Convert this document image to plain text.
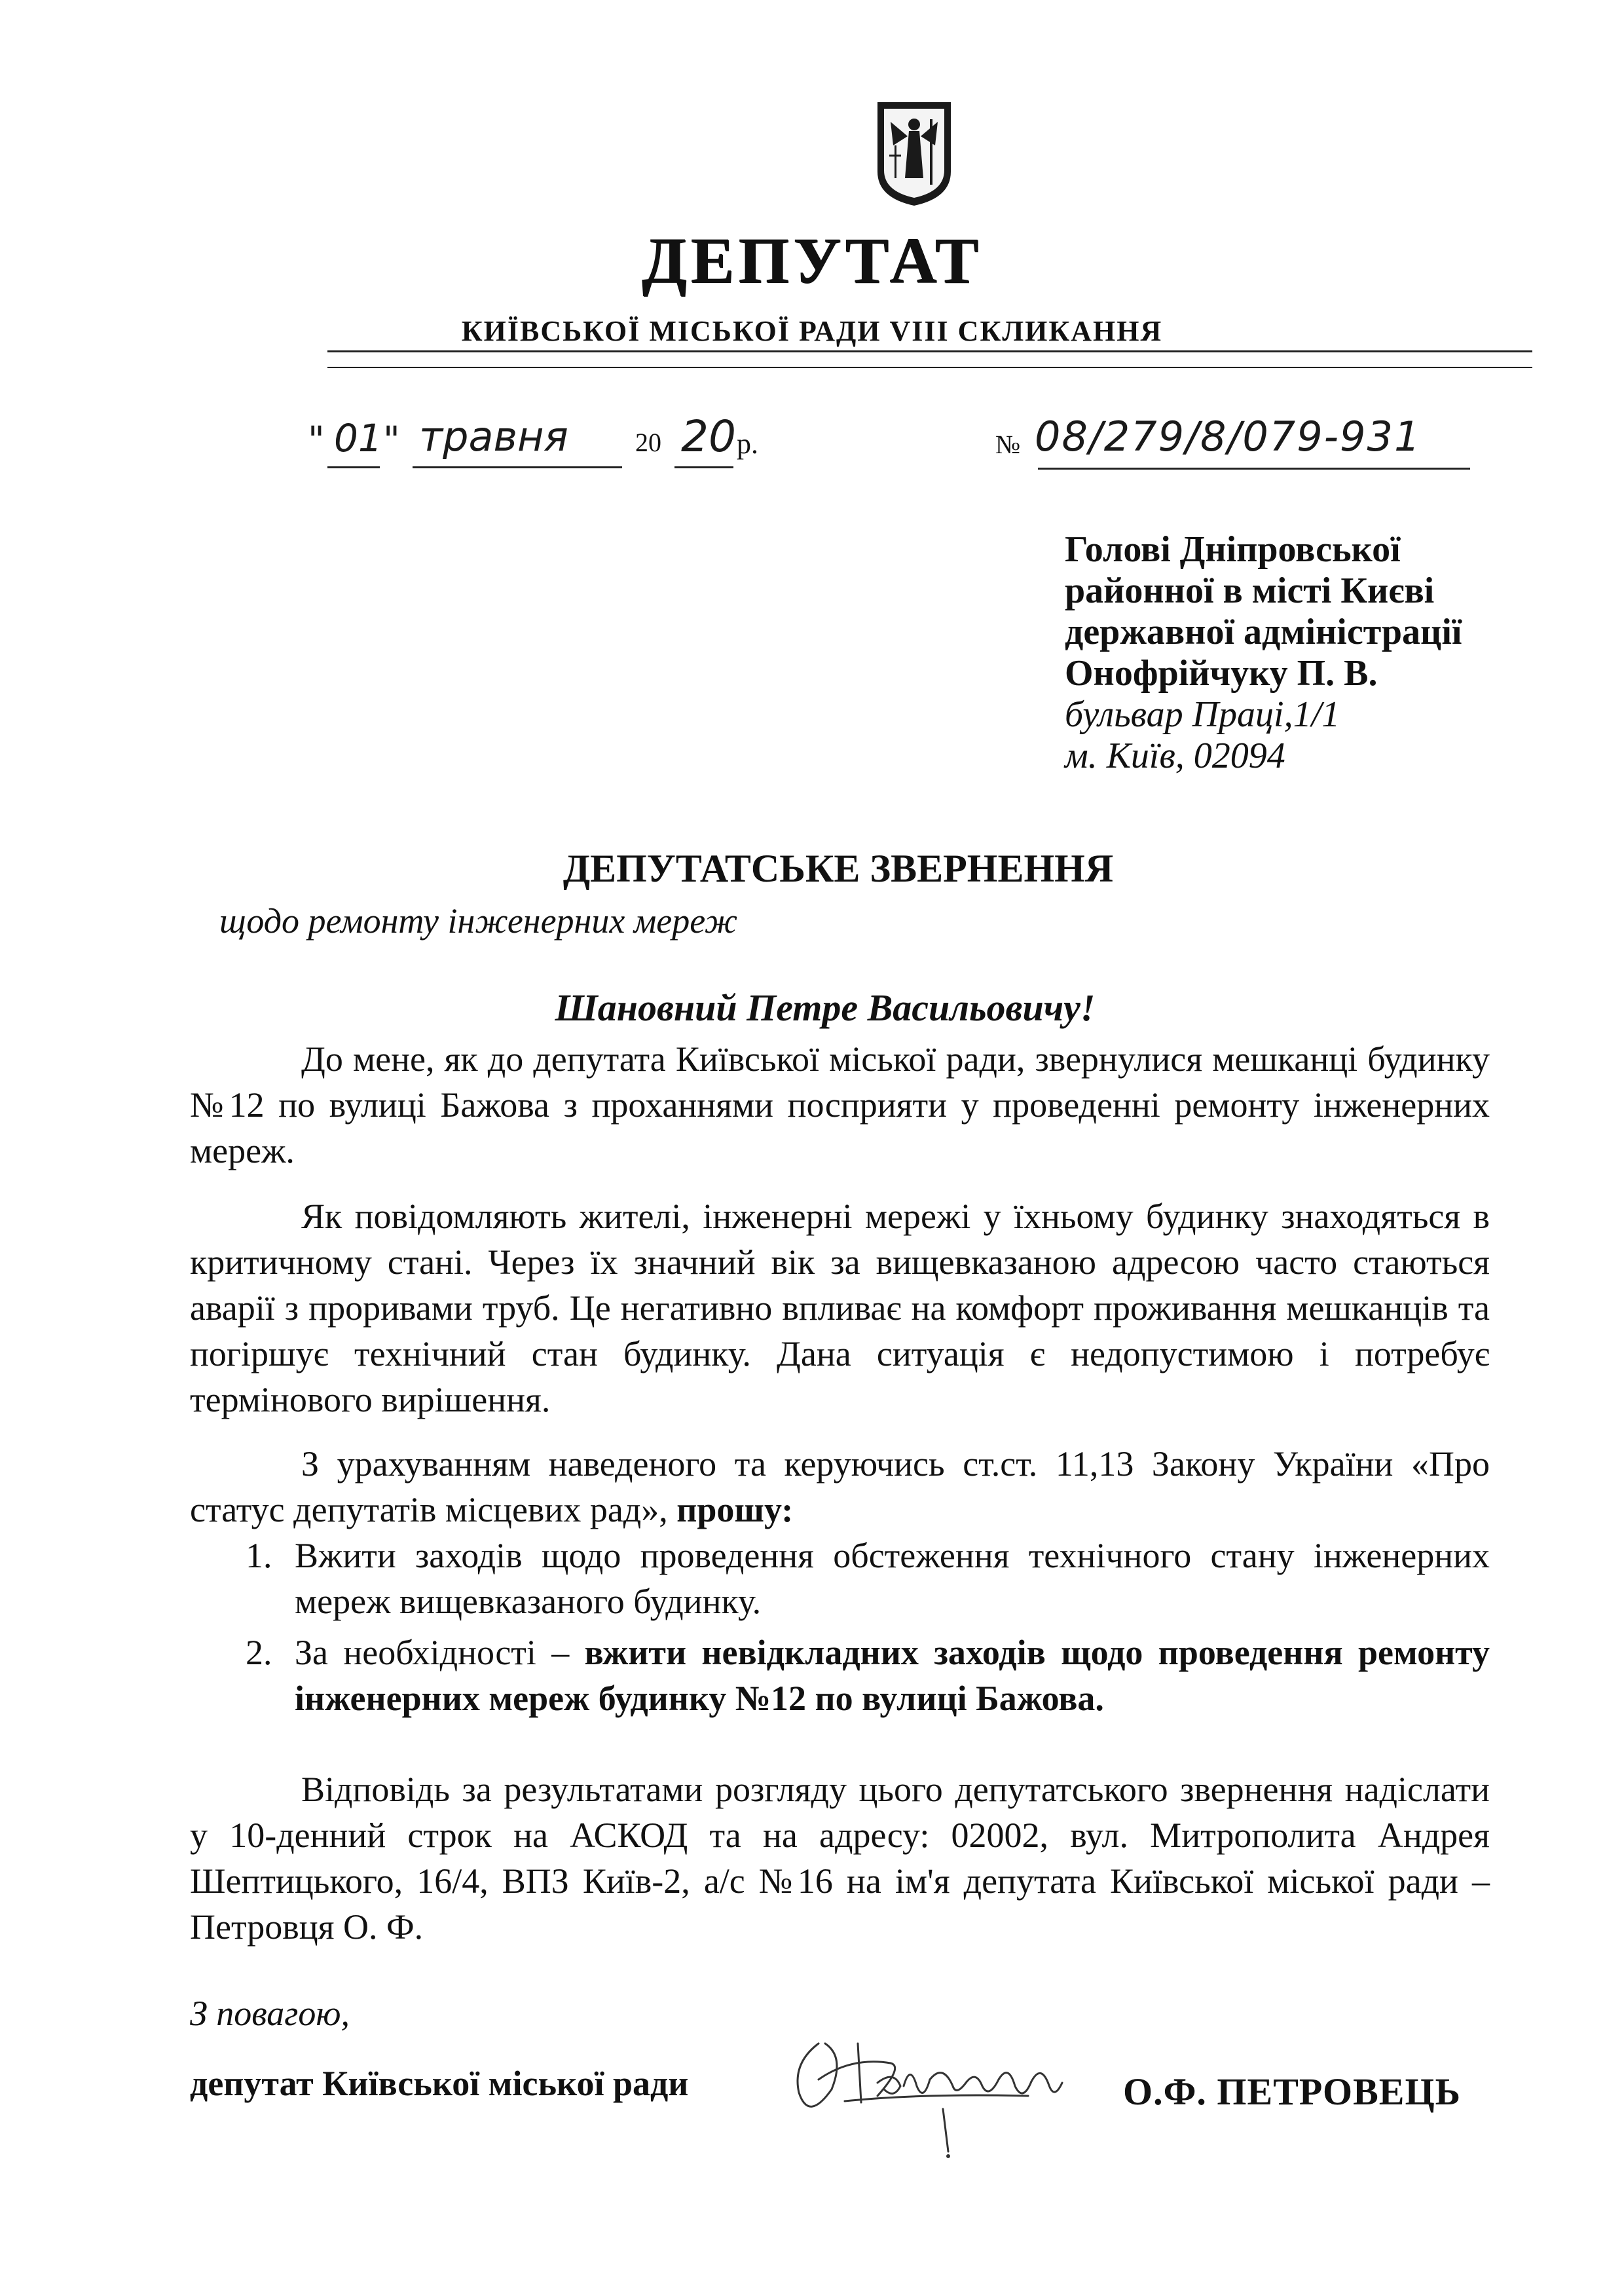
ДЕПУТАТ
КИЇВСЬКОЇ МІСЬКОЇ РАДИ VIII СКЛИКАННЯ
" 01 " травня	20 20 р.	№ 08/279/8/079-931
Голові Дніпровської
районної в місті Києві
державної адміністрації
Онофрійчуку П. В.
бульвар Праці,1/1
м. Київ, 02094
ДЕПУТАТСЬКЕ ЗВЕРНЕННЯ
щодо ремонту інженерних мереж
Шановний Петре Васильовичу!

До мене, як до депутата Київської міської ради, звернулися мешканці будинку №12 по вулиці Бажова з проханнями посприяти у проведенні ремонту інженерних мереж.

Як повідомляють жителі, інженерні мережі у їхньому будинку знаходяться в критичному стані. Через їх значний вік за вищевказаною адресою часто стаються аварії з проривами труб. Це негативно впливає на комфорт проживання мешканців та погіршує технічний стан будинку. Дана ситуація є недопустимою і потребує термінового вирішення.

З урахуванням наведеного та керуючись ст.ст. 11,13 Закону України «Про статус депутатів місцевих рад», прошу:

1. Вжити заходів щодо проведення обстеження технічного стану інженерних мереж вищевказаного будинку.
2. За необхідності – вжити невідкладних заходів щодо проведення ремонту інженерних мереж будинку №12 по вулиці Бажова.

Відповідь за результатами розгляду цього депутатського звернення надіслати у 10-денний строк на АСКОД та на адресу: 02002, вул. Митрополита Андрея Шептицького, 16/4, ВПЗ Київ-2, а/с №16 на ім'я депутата Київської міської ради – Петровця О. Ф.

З повагою,
депутат Київської міської ради	О.Ф. ПЕТРОВЕЦЬ
